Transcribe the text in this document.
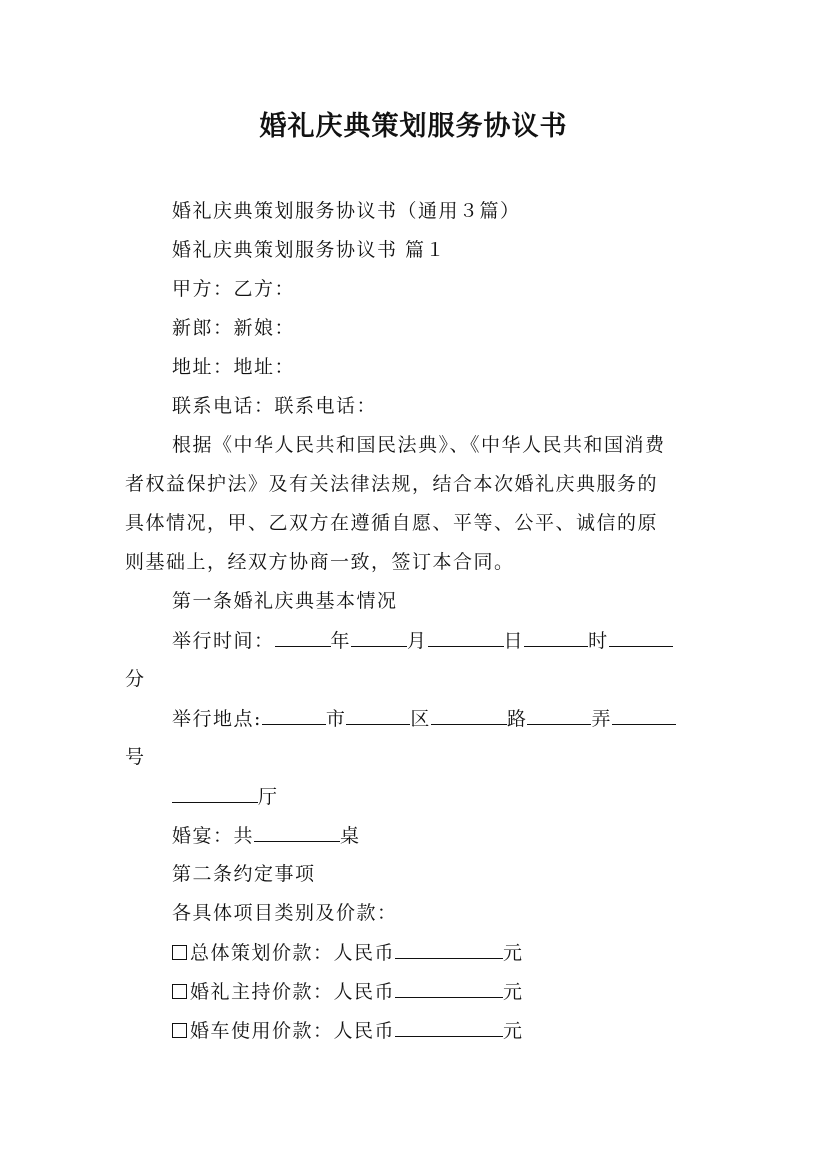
婚礼庆典策划服务协议书
婚礼庆典策划服务协议书（通用３篇）
婚礼庆典策划服务协议书 篇１
甲方：乙方：
新郎：新娘：
地址：地址：
联系电话：联系电话：
根据《中华人民共和国民法典》、《中华人民共和国消费
者权益保护法》及有关法律法规，结合本次婚礼庆典服务的
具体情况，甲、乙双方在遵循自愿、平等、公平、诚信的原
则基础上，经双方协商一致，签订本合同。
第一条婚礼庆典基本情况
举行时间：	年	月	日	时
分
举行地点:	市	区	路	弄
号
厅
婚宴：共	桌
第二条约定事项
各具体项目类别及价款：
总体策划价款：人民币	元
婚礼主持价款：人民币	元
婚车使用价款：人民币	元
